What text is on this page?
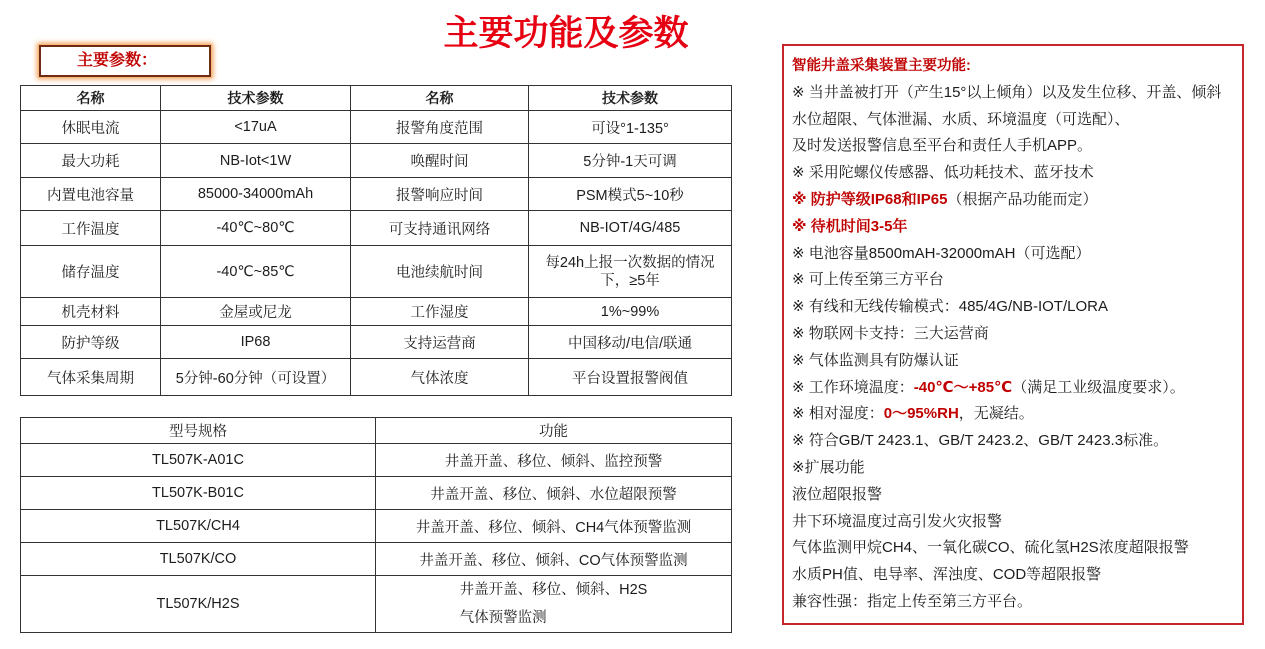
主要功能及参数
主要参数：
名称	技术参数	名称	技术参数
休眠电流	<17uA	报警角度范围	可设°1-135°
最大功耗	NB-Iot<1W	唤醒时间	5分钟-1天可调
内置电池容量	85000-34000mAh	报警响应时间	PSM模式5~10秒
工作温度	-40℃~80℃	可支持通讯网络	NB-IOT/4G/485
储存温度	-40℃~85℃	电池续航时间	每24h上报一次数据的情况
下，≥5年

机壳材料	金屋或尼龙	工作湿度	1%~99%
防护等级	IP68	支持运营商	中国移动/电信/联通
气体采集周期	5分钟-60分钟（可设置）	气体浓度	平台设置报警阀值
型号规格	功能
TL507K-A01C	井盖开盖、移位、倾斜、监控预警
TL507K-B01C	井盖开盖、移位、倾斜、水位超限预警
TL507K/CH4	井盖开盖、移位、倾斜、CH4气体预警监测
TL507K/CO	井盖开盖、移位、倾斜、CO气体预警监测
TL507K/H2S	井盖开盖、移位、倾斜、H2S
气体预警监测
智能井盖采集装置主要功能:
※ 当井盖被打开（产生15°以上倾角）以及发生位移、开盖、倾斜
水位超限、气体泄漏、水质、环境温度（可选配）、
及时发送报警信息至平台和责任人手机APP。
※ 采用陀螺仪传感器、低功耗技术、蓝牙技术
※ 防护等级IP68和IP65（根据产品功能而定）
※ 待机时间3-5年
※ 电池容量8500mAH-32000mAH（可选配）
※ 可上传至第三方平台
※ 有线和无线传输模式：485/4G/NB-IOT/LORA
※ 物联网卡支持：三大运营商
※ 气体监测具有防爆认证
※ 工作环境温度：-40℃～+85℃（满足工业级温度要求）。
※ 相对湿度：0～95%RH，无凝结。
※ 符合GB/T 2423.1、GB/T 2423.2、GB/T 2423.3标准。
※扩展功能
液位超限报警
井下环境温度过高引发火灾报警
气体监测甲烷CH4、一氧化碳CO、硫化氢H2S浓度超限报警
水质PH值、电导率、浑浊度、COD等超限报警
兼容性强：指定上传至第三方平台。
